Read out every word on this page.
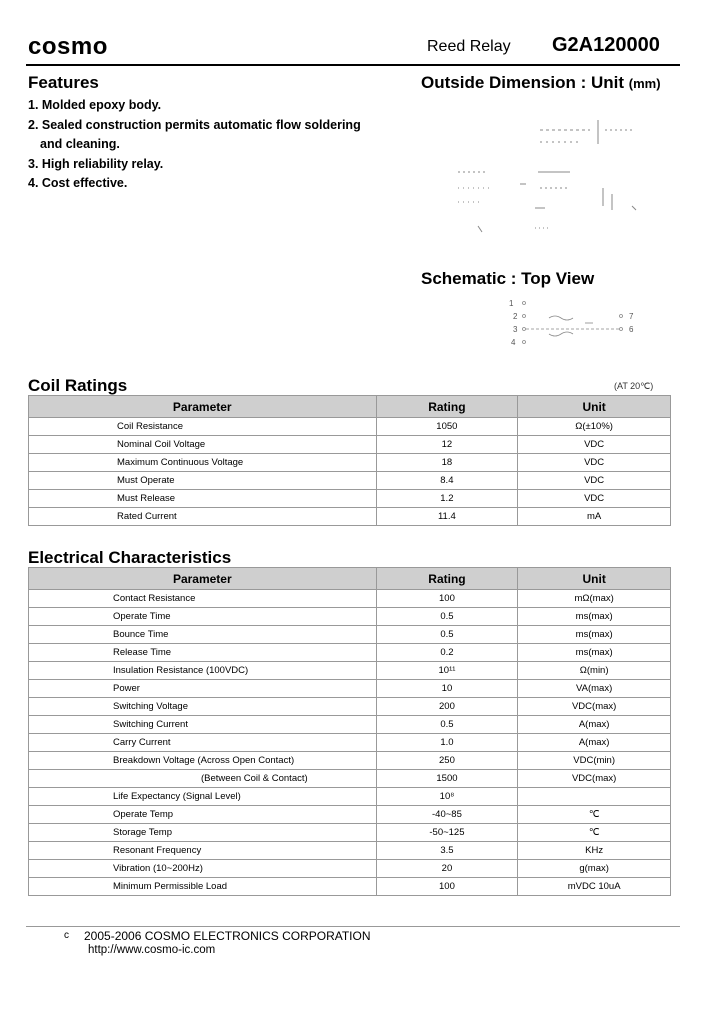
cosmo	Reed Relay G2A120000
Features
1. Molded epoxy body.
2. Sealed construction permits automatic flow soldering
and cleaning.
3. High reliability relay.
4. Cost effective.
Outside Dimension : Unit (mm)
Schematic : Top View
1
2
3
4
7
6
Coil Ratings	(AT 20℃)
Parameter	Rating	Unit
Coil Resistance	1050	Ω(±10%)
Nominal Coil Voltage	12	VDC
Maximum Continuous Voltage	18	VDC
Must Operate	8.4	VDC
Must Release	1.2	VDC
Rated Current	11.4	mA
Electrical Characteristics
Parameter	Rating	Unit
Contact Resistance	100	mΩ(max)
Operate Time	0.5	ms(max)
Bounce Time	0.5	ms(max)
Release Time	0.2	ms(max)
Insulation Resistance (100VDC)	10¹¹	Ω(min)
Power	10	VA(max)
Switching Voltage	200	VDC(max)
Switching Current	0.5	A(max)
Carry Current	1.0	A(max)
Breakdown Voltage (Across Open Contact)	250	VDC(min)
(Between Coil & Contact)	1500	VDC(max)
Life Expectancy (Signal Level)	10⁸	
Operate Temp	-40~85	℃
Storage Temp	-50~125	℃
Resonant Frequency	3.5	KHz
Vibration (10~200Hz)	20	g(max)
Minimum Permissible Load	100	mVDC 10uA
c 2005-2006 COSMO ELECTRONICS CORPORATION
http://www.cosmo-ic.com
